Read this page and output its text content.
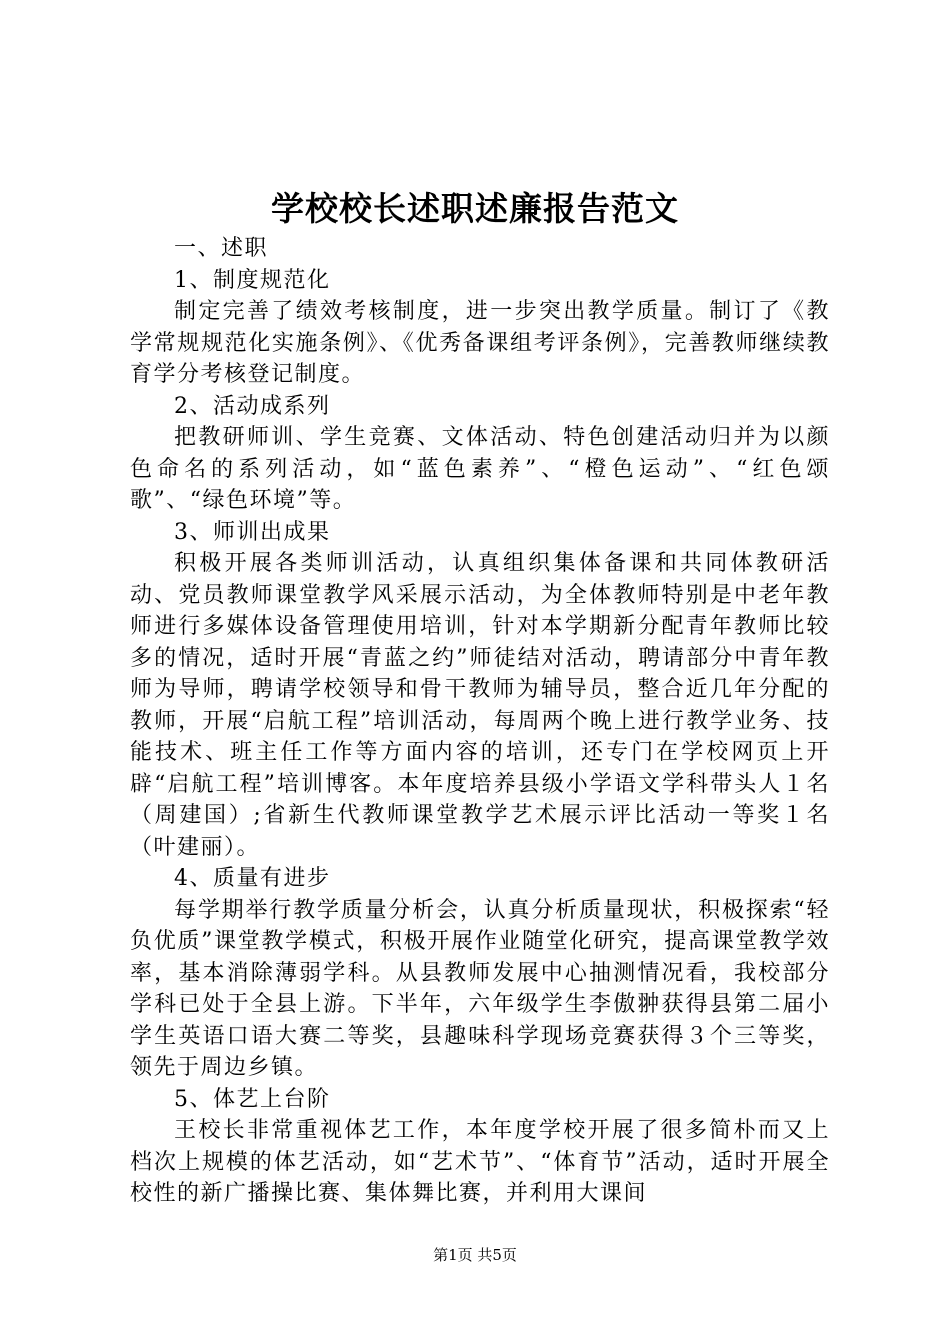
学校校长述职述廉报告范文

一、述职

1、制度规范化

制定完善了绩效考核制度，进一步突出教学质量。制订了《教学常规规范化实施条例》、《优秀备课组考评条例》，完善教师继续教育学分考核登记制度。

2、活动成系列

把教研师训、学生竞赛、文体活动、特色创建活动归并为以颜色命名的系列活动，如“蓝色素养”、“橙色运动”、“红色颂歌”、“绿色环境”等。

3、师训出成果

积极开展各类师训活动，认真组织集体备课和共同体教研活动、党员教师课堂教学风采展示活动，为全体教师特别是中老年教师进行多媒体设备管理使用培训，针对本学期新分配青年教师比较多的情况，适时开展“青蓝之约”师徒结对活动，聘请部分中青年教师为导师，聘请学校领导和骨干教师为辅导员，整合近几年分配的教师，开展“启航工程”培训活动，每周两个晚上进行教学业务、技能技术、班主任工作等方面内容的培训，还专门在学校网页上开辟“启航工程”培训博客。本年度培养县级小学语文学科带头人１名（周建国）;省新生代教师课堂教学艺术展示评比活动一等奖１名（叶建丽）。

4、质量有进步

每学期举行教学质量分析会，认真分析质量现状，积极探索“轻负优质”课堂教学模式，积极开展作业随堂化研究，提高课堂教学效率，基本消除薄弱学科。从县教师发展中心抽测情况看，我校部分学科已处于全县上游。下半年，六年级学生李傲翀获得县第二届小学生英语口语大赛二等奖，县趣味科学现场竞赛获得３个三等奖，领先于周边乡镇。

5、体艺上台阶

王校长非常重视体艺工作，本年度学校开展了很多简朴而又上档次上规模的体艺活动，如“艺术节”、“体育节”活动，适时开展全校性的新广播操比赛、集体舞比赛，并利用大课间

第1页 共5页
